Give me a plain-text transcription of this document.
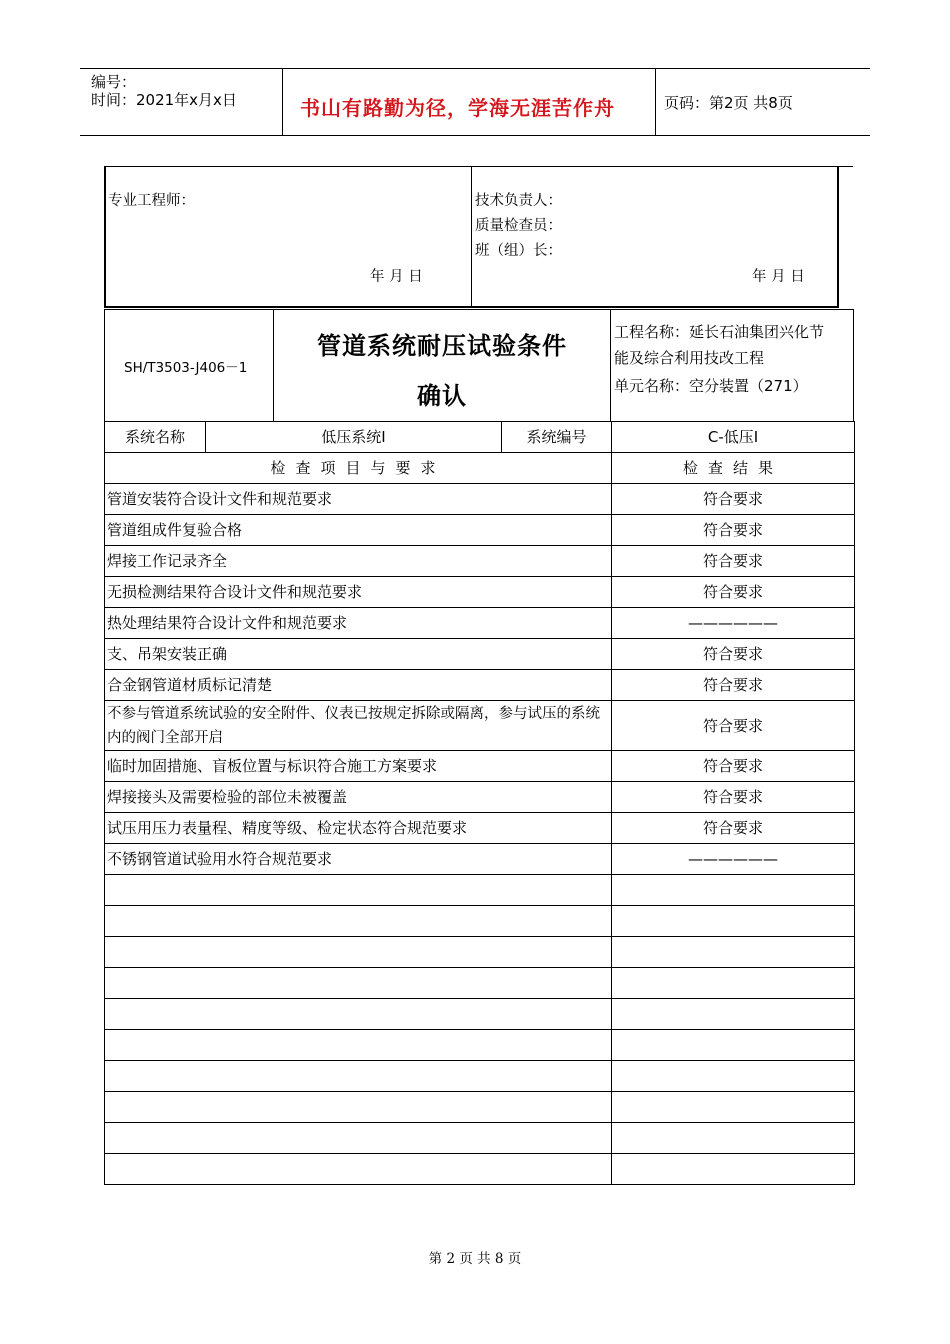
编号：
时间：2021年x月x日	书山有路勤为径，学海无涯苦作舟	页码：第2页 共8页
专业工程师：
年 月 日
技术负责人：
质量检查员：
班（组）长：
年 月 日
SH/T3503-J406－1
管道系统耐压试验条件
确认
工程名称：延长石油集团兴化节
能及综合利用技改工程
单元名称：空分装置（271）
系统名称	低压系统Ⅰ	系统编号	C-低压Ⅰ
检查项目与要求			检查结果
管道安装符合设计文件和规范要求			符合要求
管道组成件复验合格			符合要求
焊接工作记录齐全			符合要求
无损检测结果符合设计文件和规范要求			符合要求
热处理结果符合设计文件和规范要求			——————
支、吊架安装正确			符合要求
合金钢管道材质标记清楚			符合要求
不参与管道系统试验的安全附件、仪表已按规定拆除或隔离，参与试压的系统内的阀门全部开启			符合要求
临时加固措施、盲板位置与标识符合施工方案要求			符合要求
焊接接头及需要检验的部位未被覆盖			符合要求
试压用压力表量程、精度等级、检定状态符合规范要求			符合要求
不锈钢管道试验用水符合规范要求			——————

第 2 页 共 8 页
